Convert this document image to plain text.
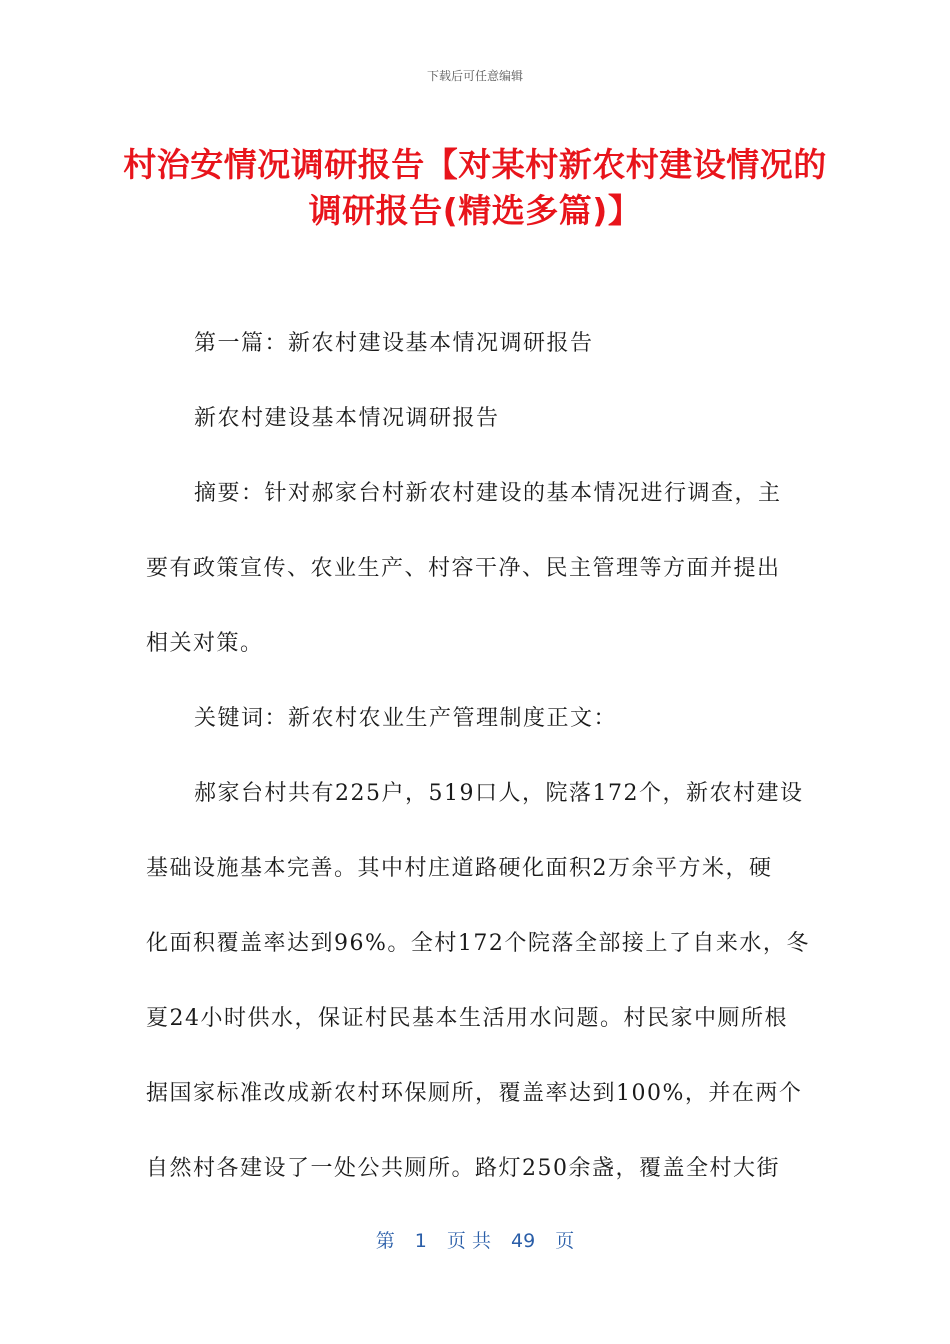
下载后可任意编辑
村治安情况调研报告【对某村新农村建设情况的调研报告(精选多篇)】
第一篇：新农村建设基本情况调研报告
新农村建设基本情况调研报告
摘要：针对郝家台村新农村建设的基本情况进行调查，主
要有政策宣传、农业生产、村容干净、民主管理等方面并提出
相关对策。
关键词：新农村农业生产管理制度正文：
郝家台村共有225户，519口人，院落172个，新农村建设
基础设施基本完善。其中村庄道路硬化面积2万余平方米，硬
化面积覆盖率达到96%。全村172个院落全部接上了自来水，冬
夏24小时供水，保证村民基本生活用水问题。村民家中厕所根
据国家标准改成新农村环保厕所，覆盖率达到100%，并在两个
自然村各建设了一处公共厕所。路灯250余盏，覆盖全村大街
第 1 页 共 49 页
